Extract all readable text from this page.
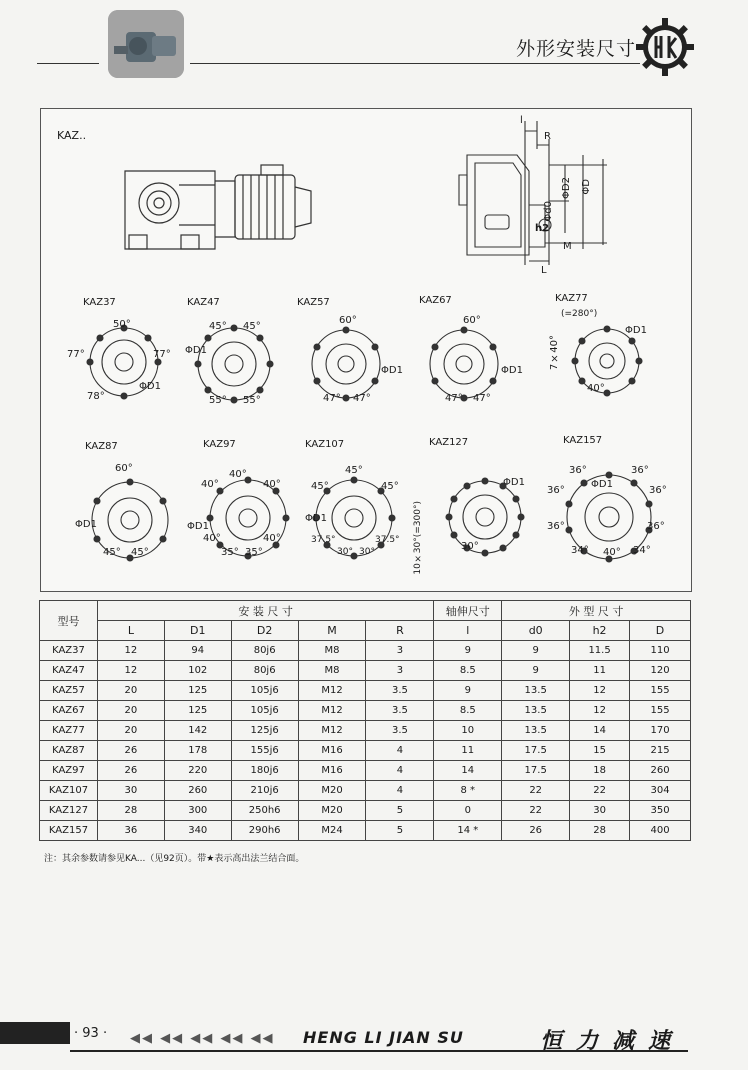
外形安装尺寸
KAZ..
l
R
ΦD2 ΦD
Φd0
h2
M
L
KAZ37
50°
77°	77°
78°
ΦD1
KAZ47
45° 45°
ΦD1
55° 55°
KAZ57
60°
ΦD1
47° 47°
KAZ67
60°
ΦD1
47° 47°
KAZ77
7×40°
(=280°)
ΦD1
40°
KAZ87
60°
ΦD1
45° 45°
KAZ97
40°
40°
40°
ΦD1
40°
35° 35°
40°
KAZ107
45°
45°	45°
ΦD1
37.5°
30° 30°
37.5°
KAZ127
10×30°(=300°)
ΦD1
30°
KAZ157
36°	36°
36°	36°
ΦD1
36°	36°
34° 40° 34°
型号	安 装 尺 寸					轴伸尺寸	外 型 尺 寸		
	L	D1	D2	M	R	l	d0	h2	D
KAZ37	12	94	80j6	M8	3	9	9	11.5	110
KAZ47	12	102	80j6	M8	3	8.5	9	11	120
KAZ57	20	125	105j6	M12	3.5	9	13.5	12	155
KAZ67	20	125	105j6	M12	3.5	8.5	13.5	12	155
KAZ77	20	142	125j6	M12	3.5	10	13.5	14	170
KAZ87	26	178	155j6	M16	4	11	17.5	15	215
KAZ97	26	220	180j6	M16	4	14	17.5	18	260
KAZ107	30	260	210j6	M20	4	8 *	22	22	304
KAZ127	28	300	250h6	M20	5	0	22	30	350
KAZ157	36	340	290h6	M24	5	14 *	26	28	400
注：其余参数请参见KA...（见92页）。带★表示高出法兰结合面。
· 93 · ◀◀ ◀◀ ◀◀ ◀◀ ◀◀ HENG LI JIAN SU	恒力减速
